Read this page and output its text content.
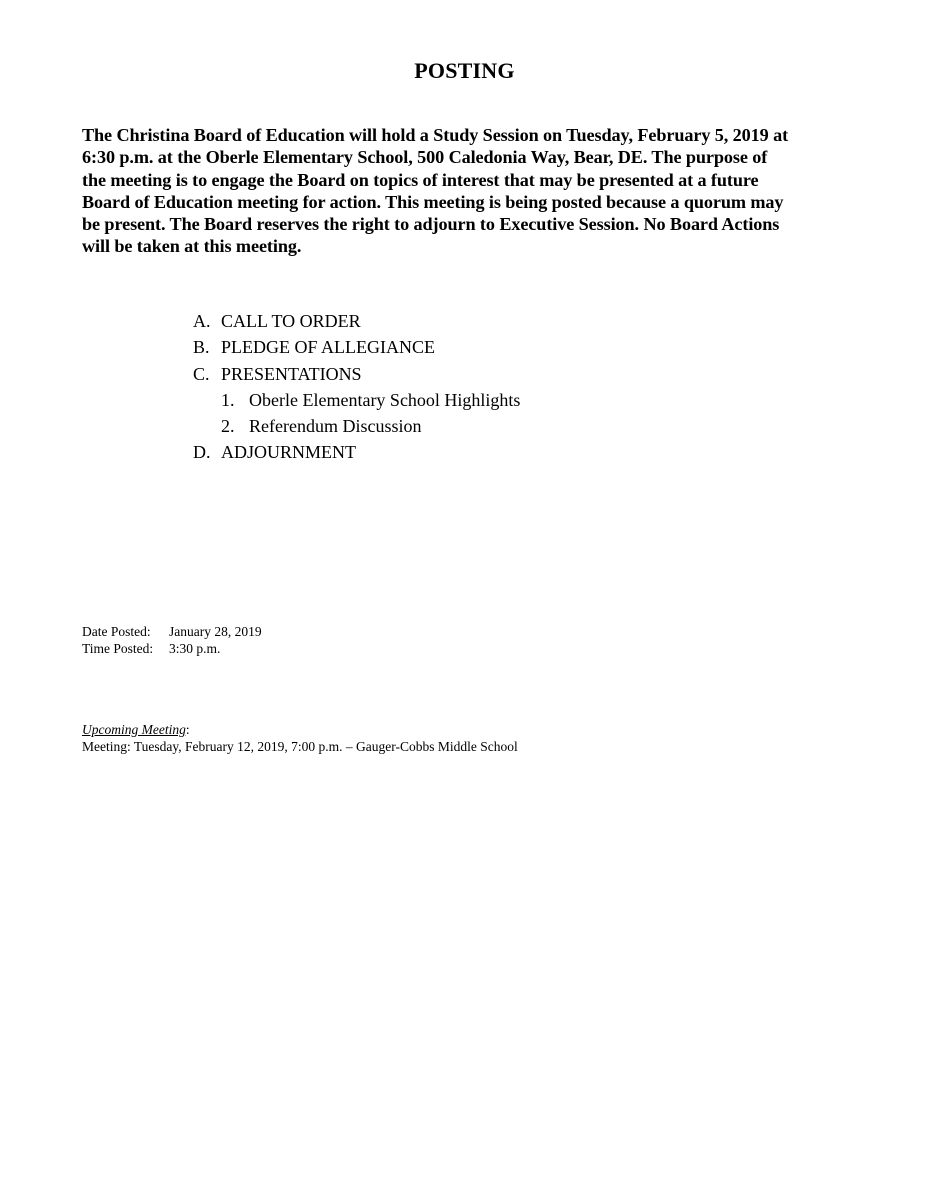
POSTING
The Christina Board of Education will hold a Study Session on Tuesday, February 5, 2019 at
6:30 p.m. at the Oberle Elementary School, 500 Caledonia Way, Bear, DE. The purpose of
the meeting is to engage the Board on topics of interest that may be presented at a future
Board of Education meeting for action. This meeting is being posted because a quorum may
be present. The Board reserves the right to adjourn to Executive Session. No Board Actions
will be taken at this meeting.
A. CALL TO ORDER
B. PLEDGE OF ALLEGIANCE
C. PRESENTATIONS
1. Oberle Elementary School Highlights
2. Referendum Discussion
D. ADJOURNMENT
Date Posted: January 28, 2019
Time Posted: 3:30 p.m.
Upcoming Meeting:
Meeting: Tuesday, February 12, 2019, 7:00 p.m. – Gauger-Cobbs Middle School
